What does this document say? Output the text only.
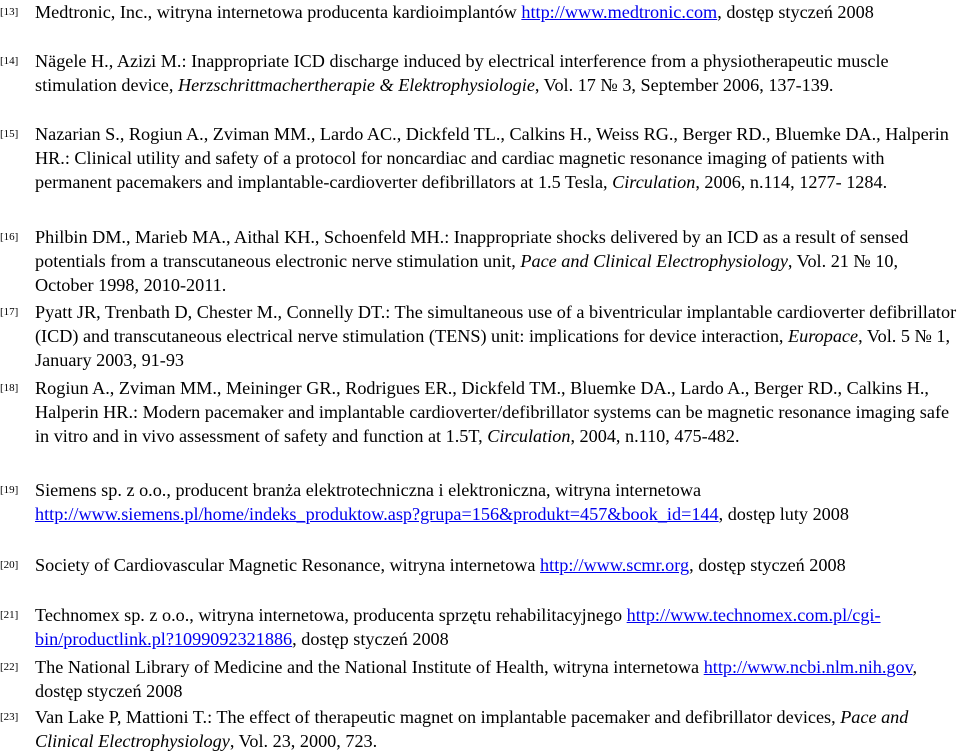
[13] Medtronic, Inc., witryna internetowa producenta kardioimplantów http://www.medtronic.com, dostęp styczeń 2008
[14] Nägele H., Azizi M.: Inappropriate ICD discharge induced by electrical interference from a physiotherapeutic muscle stimulation device, Herzschrittmachertherapie & Elektrophysiologie, Vol. 17 № 3, September 2006, 137-139.
[15] Nazarian S., Rogiun A., Zviman MM., Lardo AC., Dickfeld TL., Calkins H., Weiss RG., Berger RD., Bluemke DA., Halperin HR.: Clinical utility and safety of a protocol for noncardiac and cardiac magnetic resonance imaging of patients with permanent pacemakers and implantable-cardioverter defibrillators at 1.5 Tesla, Circulation, 2006, n.114, 1277- 1284.
[16] Philbin DM., Marieb MA., Aithal KH., Schoenfeld MH.: Inappropriate shocks delivered by an ICD as a result of sensed potentials from a transcutaneous electronic nerve stimulation unit, Pace and Clinical Electrophysiology, Vol. 21 № 10, October 1998, 2010-2011.
[17] Pyatt JR, Trenbath D, Chester M., Connelly DT.: The simultaneous use of a biventricular implantable cardioverter defibrillator (ICD) and transcutaneous electrical nerve stimulation (TENS) unit: implications for device interaction, Europace, Vol. 5 № 1, January 2003, 91-93
[18] Rogiun A., Zviman MM., Meininger GR., Rodrigues ER., Dickfeld TM., Bluemke DA., Lardo A., Berger RD., Calkins H., Halperin HR.: Modern pacemaker and implantable cardioverter/defibrillator systems can be magnetic resonance imaging safe in vitro and in vivo assessment of safety and function at 1.5T, Circulation, 2004, n.110, 475-482.
[19] Siemens sp. z o.o., producent branża elektrotechniczna i elektroniczna, witryna internetowa http://www.siemens.pl/home/indeks_produktow.asp?grupa=156&produkt=457&book_id=144, dostęp luty 2008
[20] Society of Cardiovascular Magnetic Resonance, witryna internetowa http://www.scmr.org, dostęp styczeń 2008
[21] Technomex sp. z o.o., witryna internetowa, producenta sprzętu rehabilitacyjnego http://www.technomex.com.pl/cgi-bin/productlink.pl?1099092321886, dostęp styczeń 2008
[22] The National Library of Medicine and the National Institute of Health, witryna internetowa http://www.ncbi.nlm.nih.gov, dostęp styczeń 2008
[23] Van Lake P, Mattioni T.: The effect of therapeutic magnet on implantable pacemaker and defibrillator devices, Pace and Clinical Electrophysiology, Vol. 23, 2000, 723.
